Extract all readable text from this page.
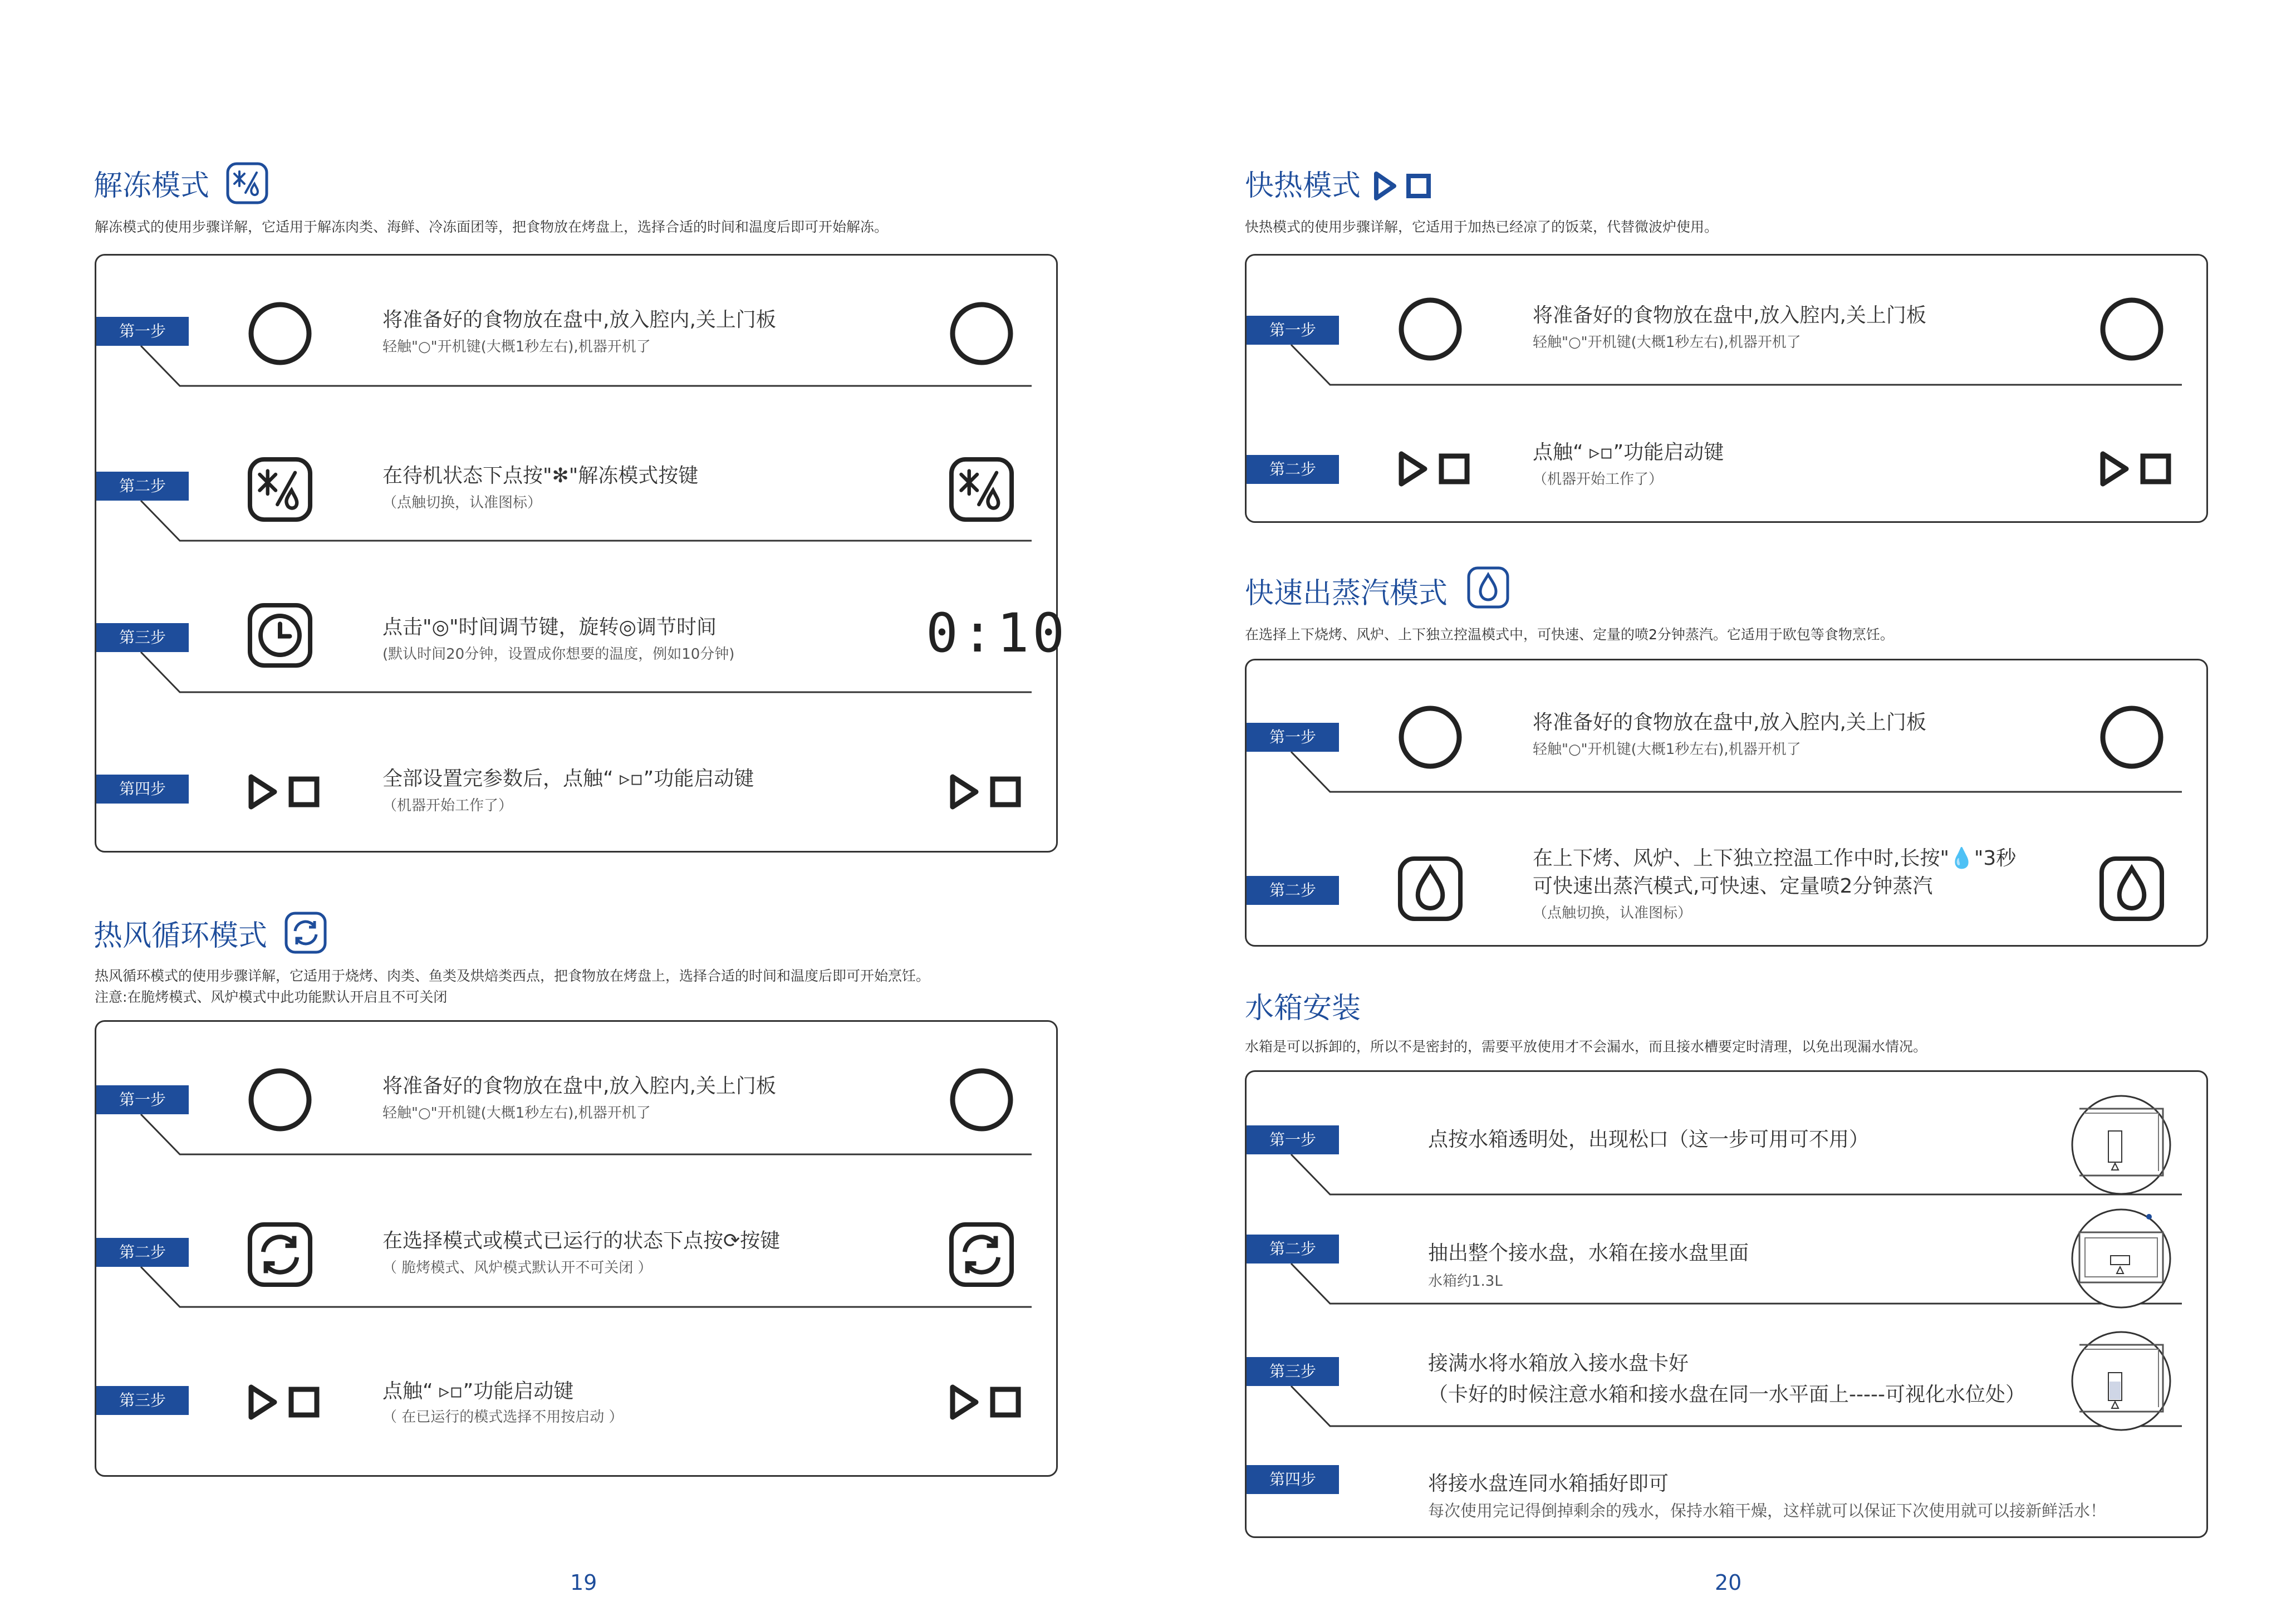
解冻模式
解冻模式的使用步骤详解，它适用于解冻肉类、海鲜、冷冻面团等，把食物放在烤盘上，选择合适的时间和温度后即可开始解冻。
第一步	将准备好的食物放在盘中,放入腔内,关上门板
轻触"○"开机键(大概1秒左右),机器开机了
第二步	在待机状态下点按"✻"解冻模式按键
（点触切换，认准图标）
第三步	点击"◎"时间调节键，旋转◎调节时间
(默认时间20分钟，设置成你想要的温度，例如10分钟)	0:10
第四步	全部设置完参数后，点触“ ▹▫”功能启动键
（机器开始工作了）
热风循环模式
热风循环模式的使用步骤详解，它适用于烧烤、肉类、鱼类及烘焙类西点，把食物放在烤盘上，选择合适的时间和温度后即可开始烹饪。
注意:在脆烤模式、风炉模式中此功能默认开启且不可关闭
第一步
将准备好的食物放在盘中,放入腔内,关上门板
轻触"○"开机键(大概1秒左右),机器开机了
第二步	在选择模式或模式已运行的状态下点按⟳按键
（ 脆烤模式、风炉模式默认开不可关闭 ）
第三步	点触“ ▹▫”功能启动键
（ 在已运行的模式选择不用按启动 ）
19
快热模式
快热模式的使用步骤详解，它适用于加热已经凉了的饭菜，代替微波炉使用。
第一步
将准备好的食物放在盘中,放入腔内,关上门板
轻触"○"开机键(大概1秒左右),机器开机了
第二步
点触“ ▹▫”功能启动键
（机器开始工作了）
快速出蒸汽模式
在选择上下烧烤、风炉、上下独立控温模式中，可快速、定量的喷2分钟蒸汽。它适用于欧包等食物烹饪。
第一步
将准备好的食物放在盘中,放入腔内,关上门板
轻触"○"开机键(大概1秒左右),机器开机了
第二步
在上下烤、风炉、上下独立控温工作中时,长按"💧"3秒
可快速出蒸汽模式,可快速、定量喷2分钟蒸汽
（点触切换，认准图标）
水箱安装
水箱是可以拆卸的，所以不是密封的，需要平放使用才不会漏水，而且接水槽要定时清理，以免出现漏水情况。
第一步	点按水箱透明处，出现松口（这一步可用可不用）
第二步	抽出整个接水盘，水箱在接水盘里面
水箱约1.3L
第三步	接满水将水箱放入接水盘卡好
（卡好的时候注意水箱和接水盘在同一水平面上-----可视化水位处）
第四步	将接水盘连同水箱插好即可
每次使用完记得倒掉剩余的残水，保持水箱干燥，这样就可以保证下次使用就可以接新鲜活水！
20
